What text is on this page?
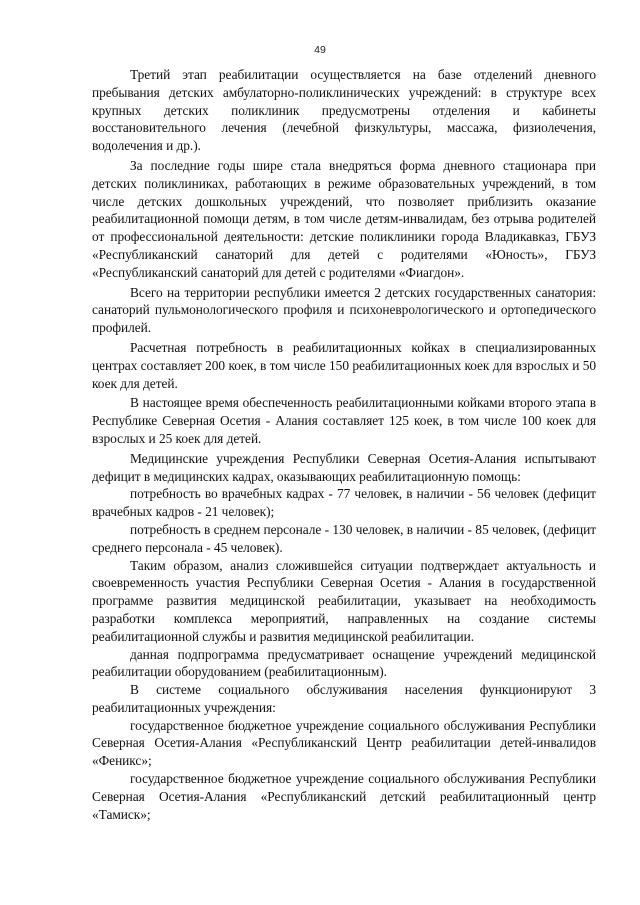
49

Третий этап реабилитации осуществляется на базе отделений дневного пребывания детских амбулаторно-поликлинических учреждений: в структуре всех крупных детских поликлиник предусмотрены отделения и кабинеты восстановительного лечения (лечебной физкультуры, массажа, физиолечения, водолечения и др.).

За последние годы шире стала внедряться форма дневного стационара при детских поликлиниках, работающих в режиме образовательных учреждений, в том числе детских дошкольных учреждений, что позволяет приблизить оказание реабилитационной помощи детям, в том числе детям-инвалидам, без отрыва родителей от профессиональной деятельности: детские поликлиники города Владикавказ, ГБУЗ «Республиканский санаторий для детей с родителями «Юность», ГБУЗ «Республиканский санаторий для детей с родителями «Фиагдон».

Всего на территории республики имеется 2 детских государственных санатория: санаторий пульмонологического профиля и психоневрологического и ортопедического профилей.

Расчетная потребность в реабилитационных койках в специализированных центрах составляет 200 коек, в том числе 150 реабилитационных коек для взрослых и 50 коек для детей.

В настоящее время обеспеченность реабилитационными койками второго этапа в Республике Северная Осетия - Алания составляет 125 коек, в том числе 100 коек для взрослых и 25 коек для детей.

Медицинские учреждения Республики Северная Осетия-Алания испытывают дефицит в медицинских кадрах, оказывающих реабилитационную помощь:

потребность во врачебных кадрах - 77 человек, в наличии - 56 человек (дефицит врачебных кадров - 21 человек);

потребность в среднем персонале - 130 человек, в наличии - 85 человек, (дефицит среднего персонала - 45 человек).

Таким образом, анализ сложившейся ситуации подтверждает актуальность и своевременность участия Республики Северная Осетия - Алания в государственной программе развития медицинской реабилитации, указывает на необходимость разработки комплекса мероприятий, направленных на создание системы реабилитационной службы и развития медицинской реабилитации.

данная подпрограмма предусматривает оснащение учреждений медицинской реабилитации оборудованием (реабилитационным).

В системе социального обслуживания населения функционируют 3 реабилитационных учреждения:

государственное бюджетное учреждение социального обслуживания Республики Северная Осетия-Алания «Республиканский Центр реабилитации детей-инвалидов «Феникс»;

государственное бюджетное учреждение социального обслуживания Республики Северная Осетия-Алания «Республиканский детский реабилитационный центр «Тамиск»;
